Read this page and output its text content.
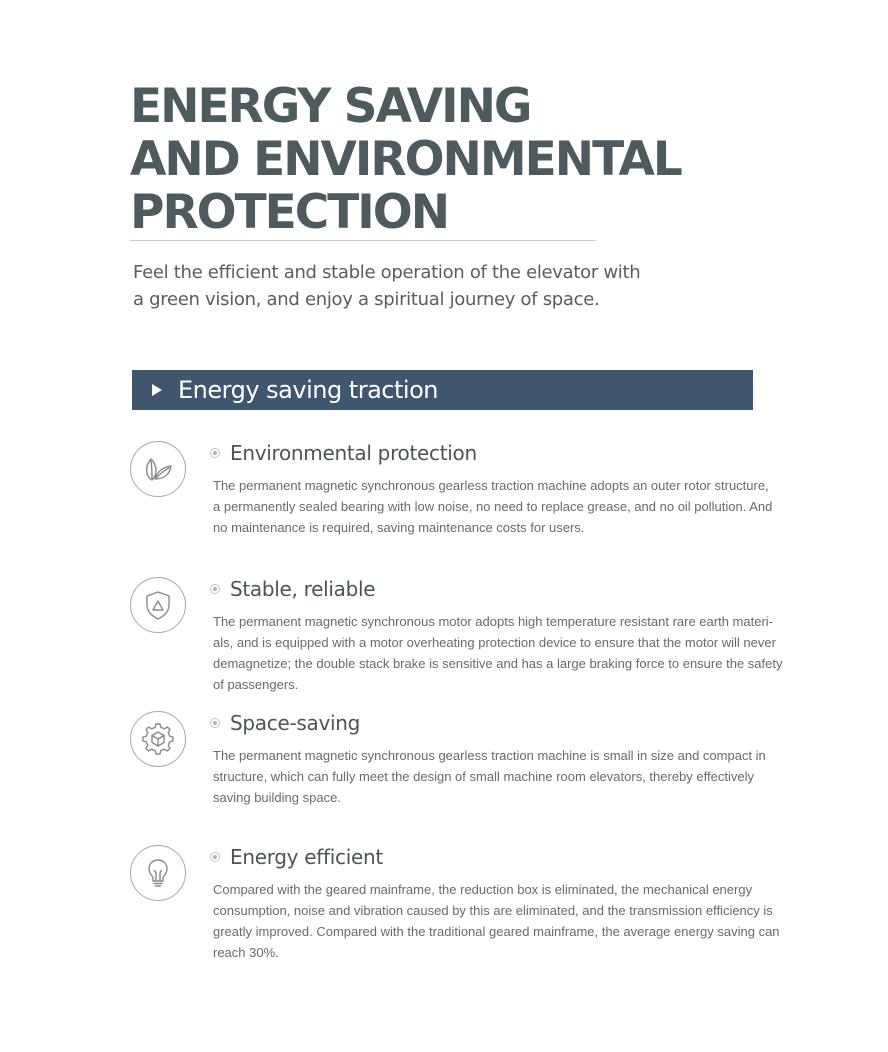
ENERGY SAVING
AND ENVIRONMENTAL
PROTECTION

Feel the efficient and stable operation of the elevator with
a green vision, and enjoy a spiritual journey of space.

Energy saving traction
Environmental protection

The permanent magnetic synchronous gearless traction machine adopts an outer rotor structure,
a permanently sealed bearing with low noise, no need to replace grease, and no oil pollution. And
no maintenance is required, saving maintenance costs for users.

Stable, reliable

The permanent magnetic synchronous motor adopts high temperature resistant rare earth materi-
als, and is equipped with a motor overheating protection device to ensure that the motor will never
demagnetize; the double stack brake is sensitive and has a large braking force to ensure the safety
of passengers.

Space-saving

The permanent magnetic synchronous gearless traction machine is small in size and compact in
structure, which can fully meet the design of small machine room elevators, thereby effectively
saving building space.

Energy efficient

Compared with the geared mainframe, the reduction box is eliminated, the mechanical energy
consumption, noise and vibration caused by this are eliminated, and the transmission efficiency is
greatly improved. Compared with the traditional geared mainframe, the average energy saving can
reach 30%.
